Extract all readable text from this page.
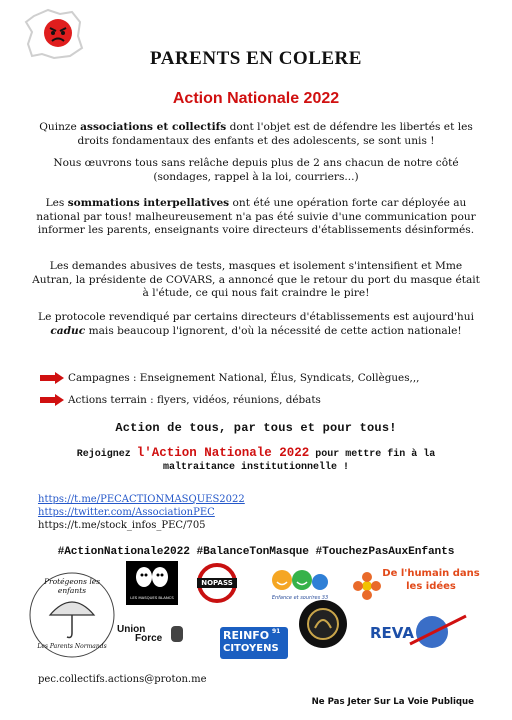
PARENTS EN COLERE
Action Nationale 2022
Quinze associations et collectifs dont l'objet est de défendre les libertés et les droits fondamentaux des enfants et des adolescents, se sont unis !
Nous œuvrons tous sans relâche depuis plus de 2 ans chacun de notre côté (sondages, rappel à la loi, courriers...)
Les sommations interpellatives ont été une opération forte car déployée au national par tous! malheureusement n'a pas été suivie d'une communication pour informer les parents, enseignants voire directeurs d'établissements désinformés.
Les demandes abusives de tests, masques et isolement s'intensifient et Mme Autran, la présidente de COVARS, a annoncé que le retour du port du masque était à l'étude, ce qui nous fait craindre le pire!
Le protocole revendiqué par certains directeurs d'établissements est aujourd'hui caduc mais beaucoup l'ignorent, d'où la nécessité de cette action nationale!
Campagnes : Enseignement National, Élus, Syndicats, Collègues,,,
Actions terrain : flyers, vidéos, réunions, débats
Action de tous, par tous et pour tous!
Rejoignez l'Action Nationale 2022 pour mettre fin à la maltraitance institutionnelle !
https://t.me/PECACTIONMASQUES2022
https://twitter.com/AssociationPEC
https://t.me/stock_infos_PEC/705
#ActionNationale2022 #BalanceTonMasque #TouchezPasAuxEnfants
Protégeons les enfants
Les Parents Normands
LES MASQUES BLANCS
NOPASS 24
Enfance et sourires 33
De l'humain dans les idées
Union
Force	REINFO 91
CITOYENS
REVA
pec.collectifs.actions@proton.me
Ne Pas Jeter Sur La Voie Publique
